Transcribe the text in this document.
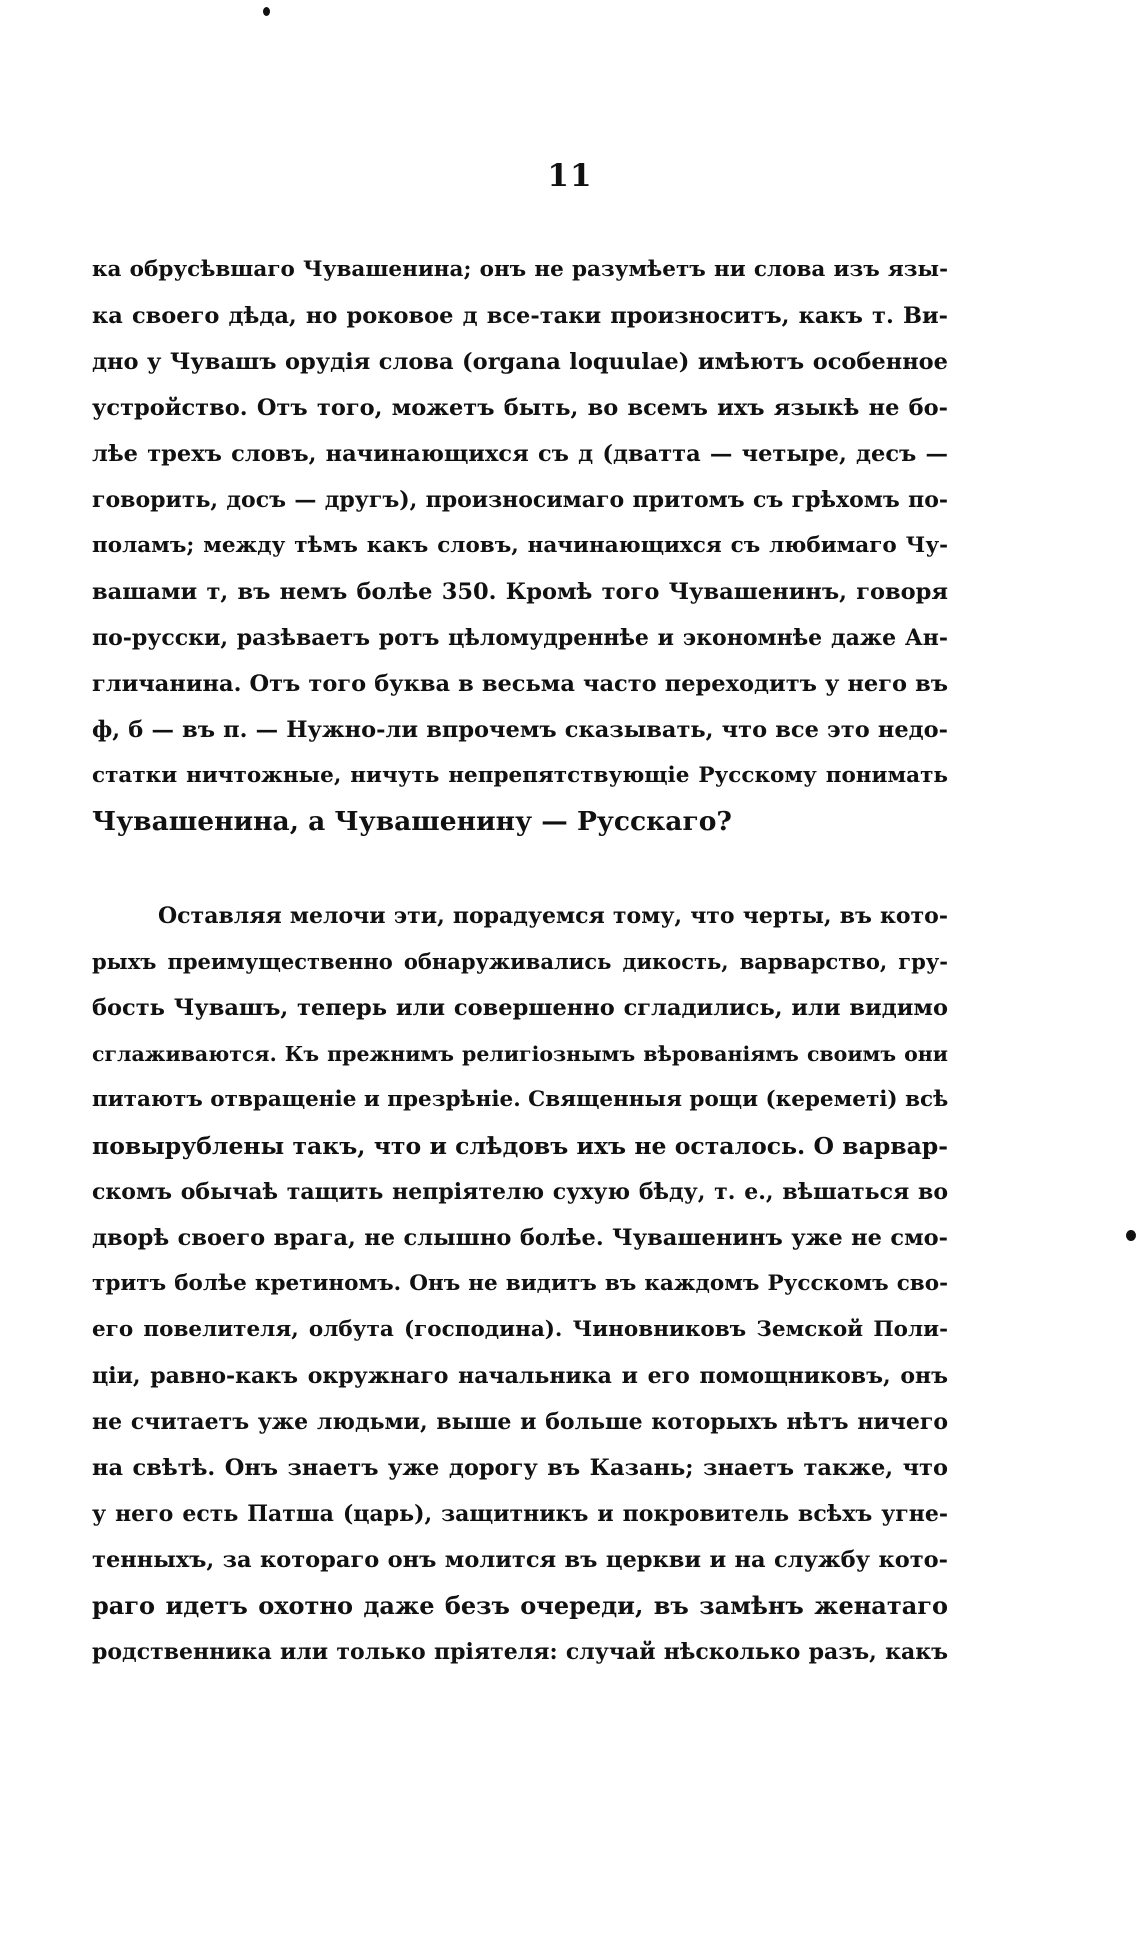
11
ка обрусѣвшаго Чувашенина; онъ не разумѣетъ ни слова изъ язы-
ка своего дѣда, но роковое д все-таки произноситъ, какъ т. Ви-
дно у Чувашъ орудія слова (organa loquulae) имѣютъ особенное
устройство. Отъ того, можетъ быть, во всемъ ихъ языкѣ не бо-
лѣе трехъ словъ, начинающихся съ д (дватта — четыре, десъ —
говорить, досъ — другъ), произносимаго притомъ съ грѣхомъ по-
поламъ; между тѣмъ какъ словъ, начинающихся съ любимаго Чу-
вашами т, въ немъ болѣе 350. Кромѣ того Чувашенинъ, говоря
по-русски, разѣваетъ ротъ цѣломудреннѣе и экономнѣе даже Ан-
гличанина. Отъ того буква в весьма часто переходитъ у него въ
ф, б — въ п. — Нужно-ли впрочемъ сказывать, что все это недо-
статки ничтожные, ничуть непрепятствующіе Русскому понимать
Чувашенина, а Чувашенину — Русскаго?
Оставляя мелочи эти, порадуемся тому, что черты, въ кото-
рыхъ преимущественно обнаруживались дикость, варварство, гру-
бость Чувашъ, теперь или совершенно сгладились, или видимо
сглаживаются. Къ прежнимъ религіознымъ вѣрованіямъ своимъ они
питаютъ отвращеніе и презрѣніе. Священныя рощи (кереметі) всѣ
повырублены такъ, что и слѣдовъ ихъ не осталось. О варвар-
скомъ обычаѣ тащить непріятелю сухую бѣду, т. е., вѣшаться во
дворѣ своего врага, не слышно болѣе. Чувашенинъ уже не смо-
тритъ болѣе кретиномъ. Онъ не видитъ въ каждомъ Русскомъ сво-
его повелителя, олбута (господина). Чиновниковъ Земской Поли-
ціи, равно-какъ окружнаго начальника и его помощниковъ, онъ
не считаетъ уже людьми, выше и больше которыхъ нѣтъ ничего
на свѣтѣ. Онъ знаетъ уже дорогу въ Казань; знаетъ также, что
у него есть Патша (царь), защитникъ и покровитель всѣхъ угне-
тенныхъ, за котораго онъ молится въ церкви и на службу кото-
раго идетъ охотно даже безъ очереди, въ замѣнъ женатаго
родственника или только пріятеля: случай нѣсколько разъ, какъ
